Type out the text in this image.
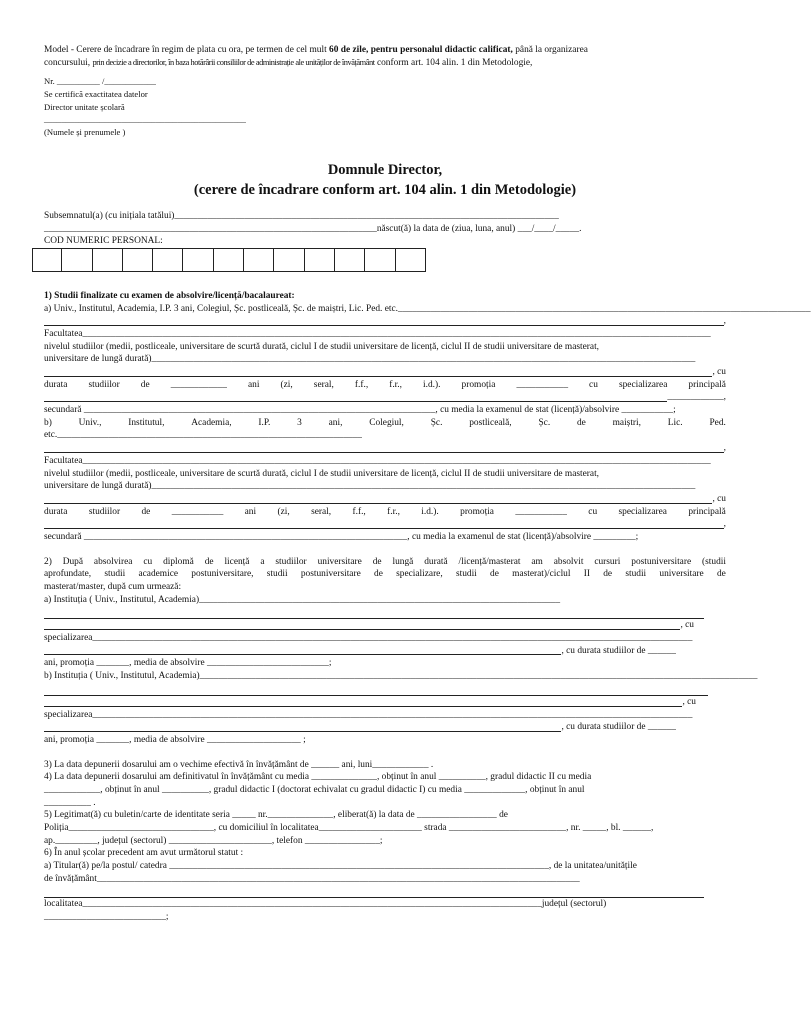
Model - Cerere de încadrare în regim de plata cu ora, pe termen de cel mult 60 de zile, pentru personalul didactic calificat, până la organizarea
concursului, prin decizie a directorilor, în baza hotărârii consiliilor de administrație ale unităților de învățământ conform art. 104 alin. 1 din Metodologie,
Nr. __________ /____________
Se certifică exactitatea datelor
Director unitate școlară
_______________________________________________
(Numele și prenumele )
Domnule Director,
(cerere de încadrare conform art. 104 alin. 1 din Metodologie)
Subsemnatul(a) (cu inițiala tatălui)__________________________________________________________________________________
_______________________________________________________________________născut(ă) la data de (ziua, luna, anul) ___/____/_____.
COD NUMERIC PERSONAL:
1) Studii finalizate cu examen de absolvire/licență/bacalaureat:
a) Univ., Institutul, Academia, I.P. 3 ani, Colegiul, Șc. postliceală, Șc. de maiștri, Lic. Ped. etc.________________________________________________________________________________________
,
Facultatea______________________________________________________________________________________________________________________________________
nivelul studiilor (medii, postliceale, universitare de scurtă durată, ciclul I de studii universitare de licență, ciclul II de studii universitare de masterat,
universitare de lungă durată)____________________________________________________________________________________________________________________
, cu
durata studiilor de ____________ ani (zi, seral, f.f., f.r., i.d.). promoția ___________ cu specializarea principală
____________,
secundară ___________________________________________________________________________, cu media la examenul de stat (licență)/absolvire ___________;
b)	Univ.,	Institutul,	Academia,	I.P.	3	ani,	Colegiul,	Șc.	postliceală,	Șc.	de	maiștri,	Lic.	Ped.
etc._________________________________________________________________
,
Facultatea______________________________________________________________________________________________________________________________________
nivelul studiilor (medii, postliceale, universitare de scurtă durată, ciclul I de studii universitare de licență, ciclul II de studii universitare de masterat,
universitare de lungă durată)____________________________________________________________________________________________________________________
, cu
durata studiilor de ___________ ani (zi, seral, f.f., f.r., i.d.). promoția ___________ cu specializarea principală
,
secundară _____________________________________________________________________, cu media la examenul de stat (licență)/absolvire _________;
2) După absolvirea cu diplomă de licență a studiilor universitare de lungă durată /licență/masterat am absolvit cursuri postuniversitare (studii
aprofundate, studii academice postuniversitare, studii postuniversitare de specializare, studii de masterat)/ciclul II de studii universitare de
masterat/master, după cum urmează:
a) Instituția ( Univ., Institutul, Academia)_____________________________________________________________________________
, cu
specializarea________________________________________________________________________________________________________________________________
, cu durata studiilor de ______
ani, promoția _______, media de absolvire __________________________;
b) Instituția ( Univ., Institutul, Academia)_______________________________________________________________________________________________________________________
, cu
specializarea________________________________________________________________________________________________________________________________
, cu durata studiilor de ______
ani, promoția _______, media de absolvire ____________________ ;
3) La data depunerii dosarului am o vechime efectivă în învățământ de ______ ani, luni____________ .
4) La data depunerii dosarului am definitivatul în învățământ cu media ______________, obținut în anul __________, gradul didactic II cu media
____________, obținut în anul __________, gradul didactic I (doctorat echivalat cu gradul didactic I) cu media _____________, obținut în anul
__________ .
5) Legitimat(ă) cu buletin/carte de identitate seria _____ nr.______________, eliberat(ă) la data de _________________ de
Poliția_______________________________, cu domiciliul în localitatea______________________ strada _________________________, nr. _____, bl. ______,
ap._________, județul (sectorul) ______________________, telefon ________________;
6) În anul școlar precedent am avut următorul statut :
a) Titular(ă) pe/la postul/ catedra _________________________________________________________________________________, de la unitatea/unitățile
de învățământ_______________________________________________________________________________________________________
localitatea__________________________________________________________________________________________________județul (sectorul)
__________________________;
